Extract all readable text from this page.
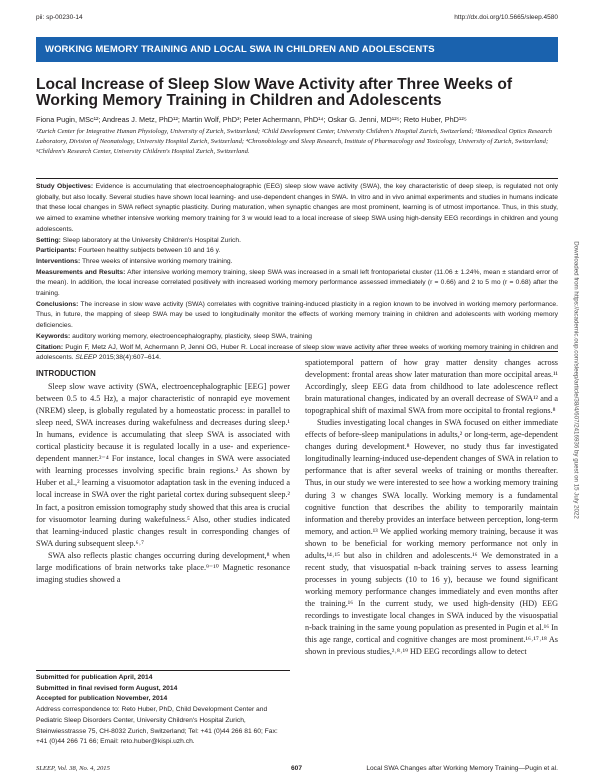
pii: sp-00230-14	http://dx.doi.org/10.5665/sleep.4580
WORKING MEMORY TRAINING AND LOCAL SWA IN CHILDREN AND ADOLESCENTS
Local Increase of Sleep Slow Wave Activity after Three Weeks of Working Memory Training in Children and Adolescents
Fiona Pugin, MSc¹²; Andreas J. Metz, PhD¹²; Martin Wolf, PhD³; Peter Achermann, PhD¹⁴; Oskar G. Jenni, MD¹²⁵; Reto Huber, PhD¹²⁵
¹Zurich Center for Integrative Human Physiology, University of Zurich, Switzerland; ²Child Development Center, University Children's Hospital Zurich, Switzerland; ³Biomedical Optics Research Laboratory, Division of Neonatology, University Hospital Zurich, Switzerland; ⁴Chronobiology and Sleep Research, Institute of Pharmacology and Toxicology, University of Zurich, Switzerland; ⁵Children's Research Center, University Children's Hospital Zurich, Switzerland.

Study Objectives: Evidence is accumulating that electroencephalographic (EEG) sleep slow wave activity (SWA), the key characteristic of deep sleep, is regulated not only globally, but also locally. Several studies have shown local learning- and use-dependent changes in SWA. In vitro and in vivo animal experiments and studies in humans indicate that these local changes in SWA reflect synaptic plasticity. During maturation, when synaptic changes are most prominent, learning is of utmost importance. Thus, in this study, we aimed to examine whether intensive working memory training for 3 w would lead to a local increase of sleep SWA using high-density EEG recordings in children and young adolescents.

Setting: Sleep laboratory at the University Children's Hospital Zurich.

Participants: Fourteen healthy subjects between 10 and 16 y.

Interventions: Three weeks of intensive working memory training.

Measurements and Results: After intensive working memory training, sleep SWA was increased in a small left frontoparietal cluster (11.06 ± 1.24%, mean ± standard error of the mean). In addition, the local increase correlated positively with increased working memory performance assessed immediately (r = 0.66) and 2 to 5 mo (r = 0.68) after the training.

Conclusions: The increase in slow wave activity (SWA) correlates with cognitive training-induced plasticity in a region known to be involved in working memory performance. Thus, in future, the mapping of sleep SWA may be used to longitudinally monitor the effects of working memory training in children and adolescents with working memory deficiencies.

Keywords: auditory working memory, electroencephalography, plasticity, sleep SWA, training

Citation: Pugin F, Metz AJ, Wolf M, Achermann P, Jenni OG, Huber R. Local increase of sleep slow wave activity after three weeks of working memory training in children and adolescents. SLEEP 2015;38(4):607–614.

INTRODUCTION

Sleep slow wave activity (SWA, electroencephalographic [EEG] power between 0.5 to 4.5 Hz), a major characteristic of nonrapid eye movement (NREM) sleep, is globally regulated by a homeostatic process: in parallel to sleep need, SWA increases during wakefulness and decreases during sleep.¹ In humans, evidence is accumulating that sleep SWA is associated with cortical plasticity because it is regulated locally in a use- and experience-dependent manner.²⁻⁴ For instance, local changes in SWA were associated with learning processes involving specific brain regions.² As shown by Huber et al.,² learning a visuomotor adaptation task in the evening induced a local increase in SWA over the right parietal cortex during subsequent sleep.² In fact, a positron emission tomography study showed that this area is crucial for visuomotor learning during wakefulness.⁵ Also, other studies indicated that learning-induced plastic changes result in corresponding changes of SWA during subsequent sleep.⁶˒⁷

SWA also reflects plastic changes occurring during development,⁸ when large modifications of brain networks take place.⁹⁻¹⁰ Magnetic resonance imaging studies showed a

spatiotemporal pattern of how gray matter density changes across development: frontal areas show later maturation than more occipital areas.¹¹ Accordingly, sleep EEG data from childhood to late adolescence reflect brain maturational changes, indicated by an overall decrease of SWA¹² and a topographical shift of maximal SWA from more occipital to frontal regions.⁸

Studies investigating local changes in SWA focused on either immediate effects of before-sleep manipulations in adults,² or long-term, age-dependent changes during development.⁸ However, no study thus far investigated longitudinally learning-induced use-dependent changes of SWA in relation to performance that is after several weeks of training or months thereafter. Thus, in our study we were interested to see how a working memory training during 3 w changes SWA locally. Working memory is a fundamental cognitive function that describes the ability to temporarily maintain information and thereby provides an interface between perception, long-term memory, and action.¹³ We applied working memory training, because it was shown to be beneficial for working memory performance not only in adults,¹⁴˒¹⁵ but also in children and adolescents.¹⁶ We demonstrated in a recent study, that visuospatial n-back training serves to assess learning processes in young subjects (10 to 16 y), because we found significant working memory performance changes immediately and even months after the training.¹⁶ In the current study, we used high-density (HD) EEG recordings to investigate local changes in SWA induced by the visuospatial n-back training in the same young population as presented in Pugin et al.¹⁶ In this age range, cortical and cognitive changes are most prominent.¹⁶˒¹⁷˒¹⁸ As shown in previous studies,²˒⁸˒¹⁹ HD EEG recordings allow to detect

Submitted for publication April, 2014
Submitted in final revised form August, 2014
Accepted for publication November, 2014
Address correspondence to: Reto Huber, PhD, Child Development Center and Pediatric Sleep Disorders Center, University Children's Hospital Zurich, Steinwiesstrasse 75, CH-8032 Zurich, Switzerland; Tel: +41 (0)44 266 81 60; Fax: +41 (0)44 266 71 66; Email: reto.huber@kispi.uzh.ch.
SLEEP, Vol. 38, No. 4, 2015	607	Local SWA Changes after Working Memory Training—Pugin et al.
Downloaded from https://academic.oup.com/sleep/article/38/4/607/2416936 by guest on 15 July 2022
